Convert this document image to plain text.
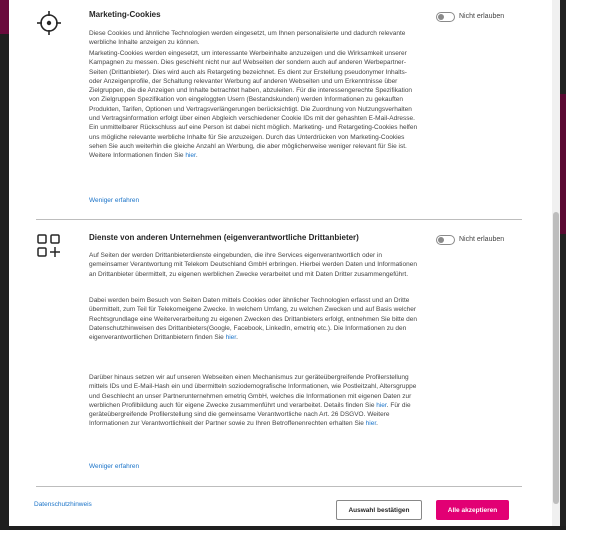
Marketing-Cookies	Nicht erlauben
Diese Cookies und ähnliche Technologien werden eingesetzt, um Ihnen personalisierte und dadurch relevante werbliche Inhalte anzeigen zu können.
Marketing-Cookies werden eingesetzt, um interessante Werbeinhalte anzuzeigen und die Wirksamkeit unserer Kampagnen zu messen. Dies geschieht nicht nur auf Webseiten der sondern auch auf anderen Werbepartner-Seiten (Drittanbieter). Dies wird auch als Retargeting bezeichnet. Es dient zur Erstellung pseudonymer Inhalts- oder Anzeigenprofile, der Schaltung relevanter Werbung auf anderen Webseiten und um Erkenntnisse über Zielgruppen, die die Anzeigen und Inhalte betrachtet haben, abzuleiten. Für die interessengerechte Spezifikation von Zielgruppen Spezifikation von eingeloggten Usern (Bestandskunden) werden Informationen zu gekauften Produkten, Tarifen, Optionen und Vertragsverlängerungen berücksichtigt. Die Zuordnung von Nutzungsverhalten und Vertragsinformation erfolgt über einen Abgleich verschiedener Cookie IDs mit der gehashten E-Mail-Adresse. Ein unmittelbarer Rückschluss auf eine Person ist dabei nicht möglich. Marketing- und Retargeting-Cookies helfen uns mögliche relevante werbliche Inhalte für Sie anzuzeigen. Durch das Unterdrücken von Marketing-Cookies sehen Sie auch weiterhin die gleiche Anzahl an Werbung, die aber möglicherweise weniger relevant für Sie ist. Weitere Informationen finden Sie hier.
Weniger erfahren
Dienste von anderen Unternehmen (eigenverantwortliche Drittanbieter)	Nicht erlauben
Auf Seiten der werden Drittanbieterdienste eingebunden, die ihre Services eigenverantwortlich oder in gemeinsamer Verantwortung mit Telekom Deutschland GmbH erbringen. Hierbei werden Daten und Informationen an Drittanbieter übermittelt, zu eigenen werblichen Zwecke verarbeitet und mit Daten Dritter zusammengeführt.
Dabei werden beim Besuch von Seiten Daten mittels Cookies oder ähnlicher Technologien erfasst und an Dritte übermittelt, zum Teil für Telekomeigene Zwecke. In welchem Umfang, zu welchen Zwecken und auf Basis welcher Rechtsgrundlage eine Weiterverarbeitung zu eigenen Zwecken des Drittanbieters erfolgt, entnehmen Sie bitte den Datenschutzhinweisen des Drittanbieters(Google, Facebook, LinkedIn, emetriq etc.). Die Informationen zu den eigenverantwortlichen Drittanbietern finden Sie hier.
Darüber hinaus setzen wir auf unseren Webseiten einen Mechanismus zur geräteübergreifende Profilerstellung mittels IDs und E-Mail-Hash ein und übermitteln soziodemografische Informationen, wie Postleitzahl, Altersgruppe und Geschlecht an unser Partnerunternehmen emetriq GmbH, welches die Informationen mit eigenen Daten zur werblichen Profilbildung auch für eigene Zwecke zusammenführt und verarbeitet. Details finden Sie hier. Für die geräteübergreifende Profilerstellung sind die gemeinsame Verantwortliche nach Art. 26 DSGVO. Weitere Informationen zur Verantwortlichkeit der Partner sowie zu Ihren Betroffenenrechten erhalten Sie hier.
Weniger erfahren
Datenschutzhinweis
Auswahl bestätigen	Alle akzeptieren
